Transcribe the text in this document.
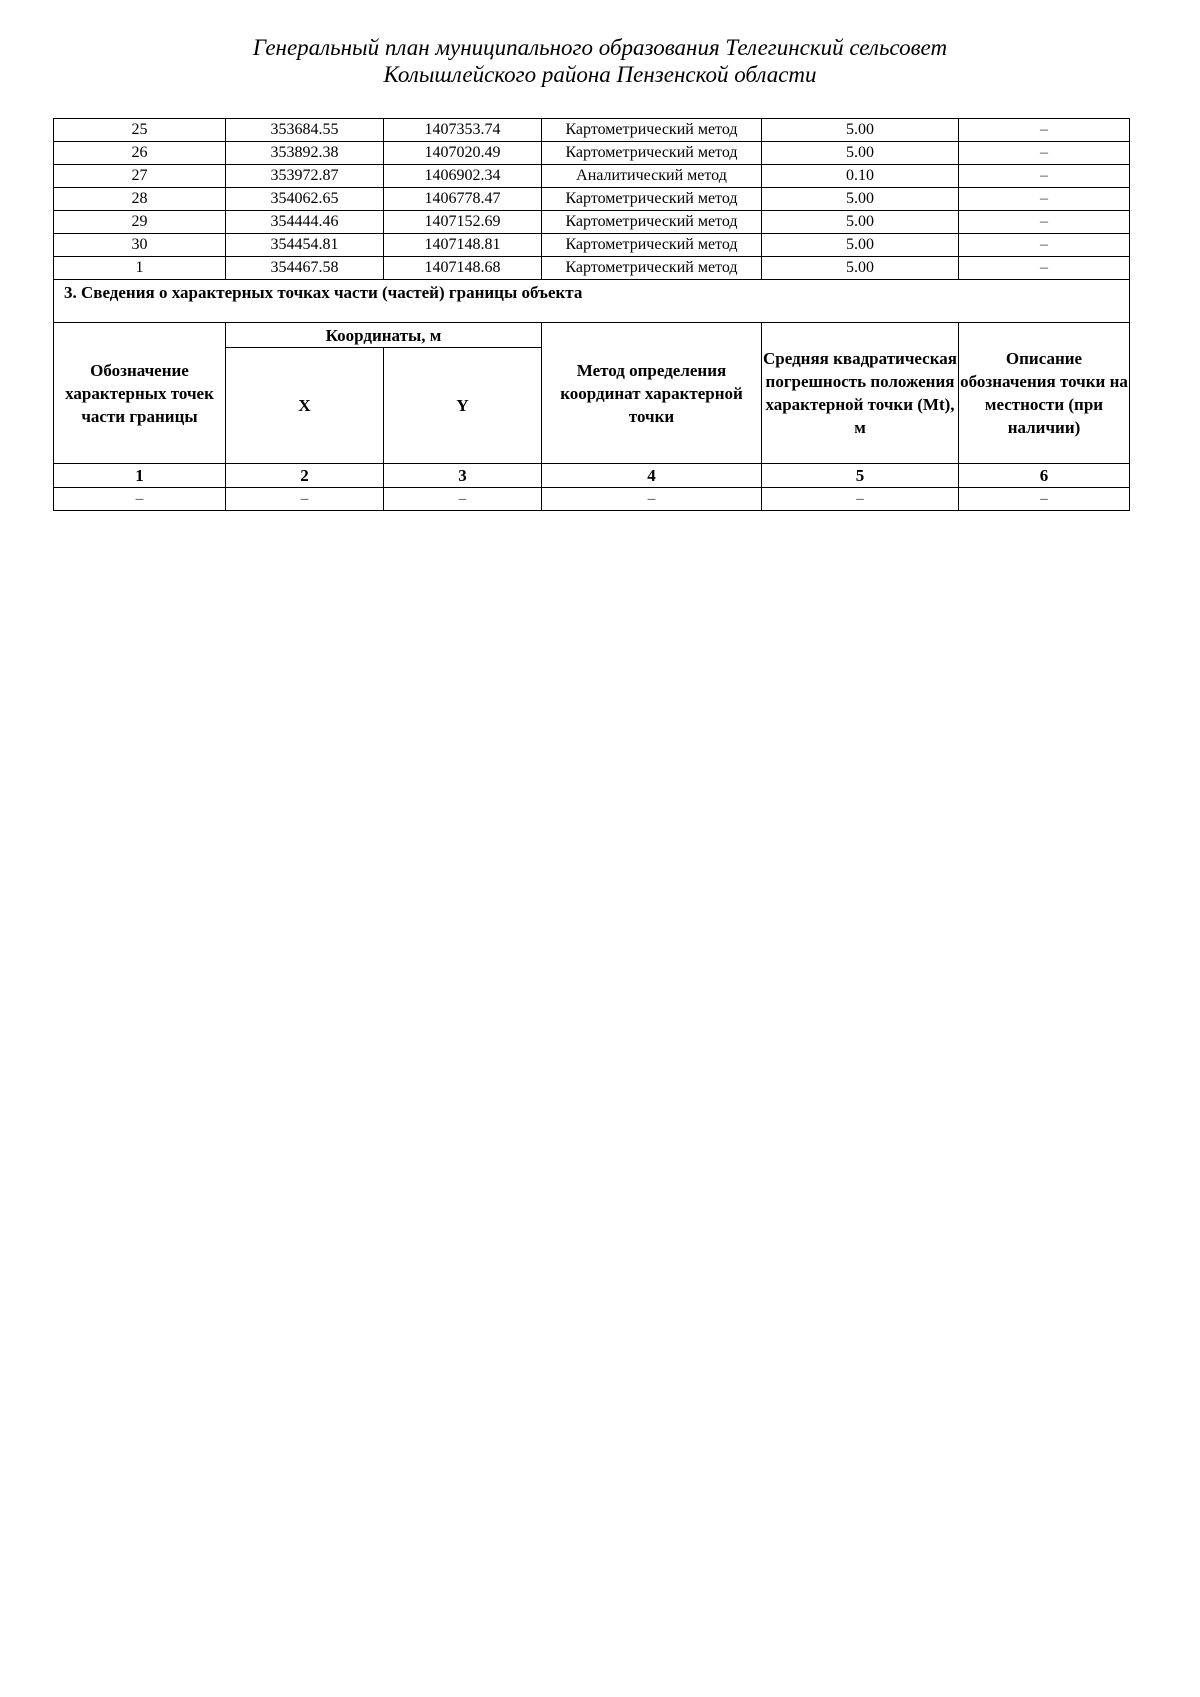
Генеральный план муниципального образования Телегинский сельсовет
Колышлейского района Пензенской области
25	353684.55	1407353.74	Картометрический метод	5.00	–
26	353892.38	1407020.49	Картометрический метод	5.00	–
27	353972.87	1406902.34	Аналитический метод	0.10	–
28	354062.65	1406778.47	Картометрический метод	5.00	–
29	354444.46	1407152.69	Картометрический метод	5.00	–
30	354454.81	1407148.81	Картометрический метод	5.00	–
1	354467.58	1407148.68	Картометрический метод	5.00	–
3. Сведения о характерных точках части (частей) границы объекта					
Обозначение характерных точек части границы	Координаты, м		Метод определения координат характерной точки	Средняя квадратическая погрешность положения характерной точки (Mt), м	Описание обозначения точки на местности (при наличии)
	X	Y			
1	2	3	4	5	6
–	–	–	–	–	–
